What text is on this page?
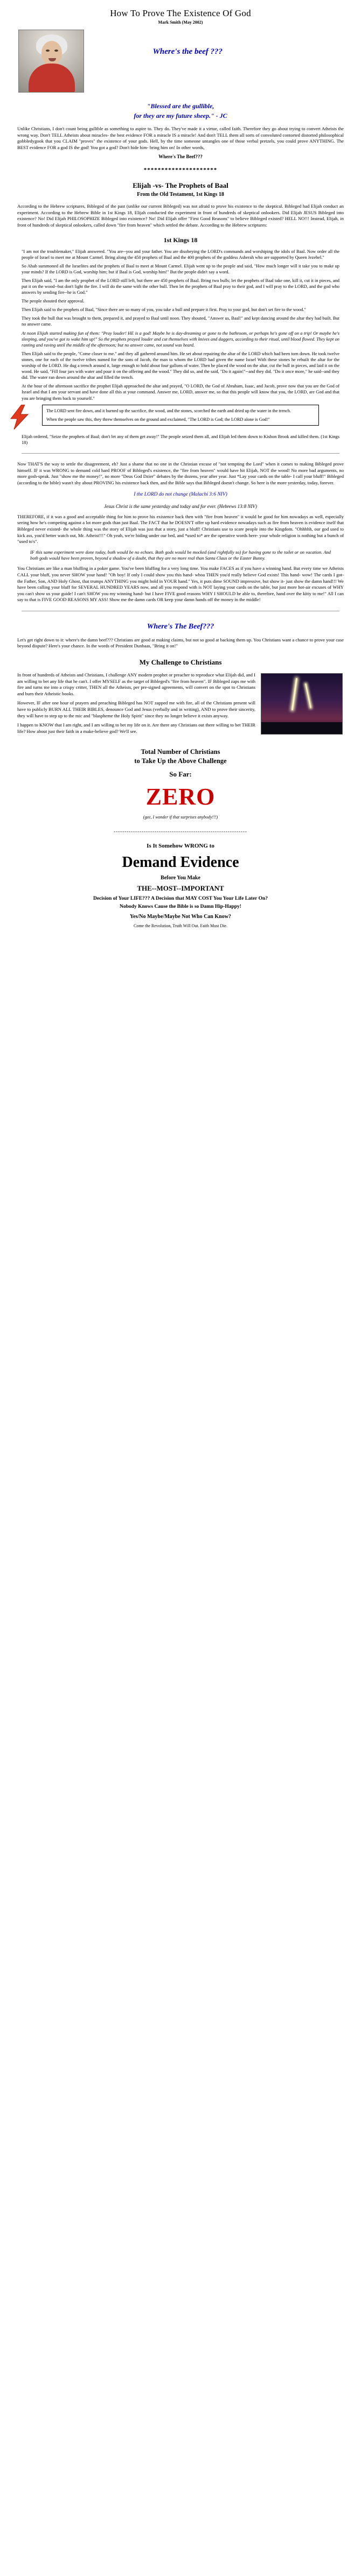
How To Prove The Existence Of God
Mark Smith (May 2002)

Where's the beef ???
"Blessed are the gullible,
for they are my future sheep." - JC
Unlike Christians, I don't count being gullible as something to aspire to. They do. They've made it a virtue, called faith. Therefore they go about trying to convert Atheists the wrong way. Don't TELL Atheists about miracles- the best evidence FOR a miracle IS a miracle! And don't TELL them all sorts of convoluted contorted distorted philosophical gobbledygook that you CLAIM "proves" the existence of your gods. Hell, by the time someone untangles one of those verbal pretzels, you could prove ANYTHING. The BEST evidence FOR a god IS the god! You got a god? Don't hide him- bring him on! In other words,
Where's The Beef???
*********************
Elijah -vs- The Prophets of Baal
From the Old Testament, 1st Kings 18
According to the Hebrew scriptures, Biblegod of the past (unlike our current Bibleged) was not afraid to prove his existence to the skeptical. Bibleged had Elijah conduct an experiment. According to the Hebrew Bible in 1st Kings 18, Elijah conducted the experiment in front of hundreds of skeptical onlookers. Did Elijah JESUS Bibleged into existence? No! Did Elijah PHILOSOPHIZE Bibleged into existence? No! Did Elijah offer "First Good Reasons" to believe Bibleged existed? HELL NO!!! Instead, Elijah, in front of hundreds of skeptical onlookers, called down "fire from heaven" which settled the debate. According to the Hebrew scriptures:
1st Kings 18
"I am not the troublemaker," Elijah answered. "You are--you and your father. You are disobeying the LORD's commands and worshiping the idols of Baal. Now order all the people of Israel to meet me at Mount Carmel. Bring along the 450 prophets of Baal and the 400 prophets of the goddess Asherah who are supported by Queen Jezebel."
So Ahab summoned all the Israelites and the prophets of Baal to meet at Mount Carmel. Elijah went up to the people and said, "How much longer will it take you to make up your minds? If the LORD is God, worship him; but if Baal is God, worship him!" But the people didn't say a word.
Then Elijah said, "I am the only prophet of the LORD still left, but there are 450 prophets of Baal. Bring two bulls; let the prophets of Baal take one, kill it, cut it in pieces, and put it on the wood--but don't light the fire. I will do the same with the other bull. Then let the prophets of Baal pray to their god, and I will pray to the LORD, and the god who answers by sending fire--he is God."
The people shouted their approval.
Then Elijah said to the prophets of Baal, "Since there are so many of you, you take a bull and prepare it first. Pray to your god, but don't set fire to the wood."
They took the bull that was brought to them, prepared it, and prayed to Baal until noon. They shouted, "Answer us, Baal!" and kept dancing around the altar they had built. But no answer came.
At noon Elijah started making fun of them: "Pray louder! HE is a god! Maybe he is day-dreaming or gone to the bathroom, or perhaps he's gone off on a trip! Or maybe he's sleeping, and you've got to wake him up!" So the prophets prayed louder and cut themselves with knives and daggers, according to their ritual, until blood flowed. They kept on ranting and raving until the middle of the afternoon; but no answer came, not sound was heard.
Then Elijah said to the people, "Come closer to me." and they all gathered around him. He set about repairing the altar of the LORD which had been torn down. He took twelve stones, one for each of the twelve tribes named for the sons of Jacob, the man to whom the LORD had given the name Israel With these stones he rebuilt the altar for the worship of the LORD. He dug a trench around it, large enough to hold about four gallons of water. Then he placed the wood on the altar, cut the bull in pieces, and laid it on the wood. He said, "Fill four jars with water and pour it on the offering and the wood." They did so, and the said, "Do it again!"--and they did. "Do it once more," he said--and they did. The water ran down around the altar and filled the trench.
At the hour of the afternoon sacrifice the prophet Elijah approached the altar and prayed, "O LORD, the God of Abraham, Isaac, and Jacob, prove now that you are the God of Israel and that I am your servant and have done all this at your command. Answer me, LORD, answer me, so that this people will know that you, the LORD, are God and that you are bringing them back to yourself."
The LORD sent fire down, and it burned up the sacrifice, the wood, and the stones, scorched the earth and dried up the water in the trench.
When the people saw this, they threw themselves on the ground and exclaimed, "The LORD is God; the LORD alone is God!"
Elijah ordered, "Seize the prophets of Baal; don't let any of them get away!" The people seized them all, and Elijah led them down to Kishon Brook and killed them. (1st Kings 18)
Now THAT'S the way to settle the disagreement, eh? Just a shame that no one in the Christian excuse of "not tempting the Lord" when it comes to making Bibleged prove himself. IF it was WRONG to demand cold hard PROOF of Bibleged's existence, the "fire from heaven" would have hit Elijah, NOT the wood! No more bad arguments, no more gosh-speak. Just "show me the money!", no more "Deus God Dzier" debates by the dozens, year after year. Just *Lay your cards on the table- I call your bluff!" Bibleged (according to the bible) wasn't shy about PROVING his existence back then, and the Bible says that Bibleged doesn't change. So here is the more yesterday, today, forever.
I the LORD do not change (Malachi 3:6 NIV)
Jesus Christ is the same yesterday and today and for ever. (Hebrews 13:8 NIV)
THEREFORE, if it was a good and acceptable thing for him to prove his existence back then with "fire from heaven" it would be good for him nowadays as well, especially seeing how he's competing against a lot more gods than just Baal. The FACT that he DOESN'T offer up hard evidence nowadays such as fire from heaven is evidence itself that Bibleged never existed- the whole thing was the story of Elijah was just that a story, just a bluff! Christians use to scare people into the Kingdom. "Ohhhhh, our god used to kick ass, you'd better watch out, Mr. Atheist!!!" Oh yeah, we're hiding under our bed, and *used to* are the operative words here- your whole religion is nothing but a bunch of "used to's".
IF this same experiment were done today, both would be no echoes. Both gods would be mocked (and rightfully so) for having gone to the toilet or on vacation. And both gods would have been proven, beyond a shadow of a doubt, that they are no more real than Santa Claus or the Easter Bunny.
You Christians are like a man bluffing in a poker game. You've been bluffing for a very long time. You make FACES as if you have a winning hand. But every time we Atheists CALL your bluff, you never SHOW your hand! "Oh boy! If only I could show you this hand- whoa THEN you'd really believe God exists! This hand- wow! The cards I got- the Father, Son, AND Holy Ghost, that trumps ANYTHING you might hold in YOUR hand." Yes, it puts dime SOUND impressive, but show it- just show the damn hand!!! We have been calling your bluff for SEVERAL HUNDRED YEARS now, and all you respond with is NOT laying your cards on the table, but just more hot-air excuses of WHY you can't show us your guide! I can't SHOW you my winning hand- but I have FIVE good reasons WHY I SHOULD be able to, therefore, hand over the kitty to me!" All I can say to that is FIVE GOOD REASONS MY ASS! Show me the damn cards OR keep your damn hands off the money in the middle!
Where's The Beef???
Let's get right down to it: where's the damn beef??? Christians are good at making claims, but not so good at backing them up. You Christians want a chance to prove your case beyond dispute? Here's your chance. In the words of President Dunbaas, "Bring it on!"
My Challenge to Christians
In front of hundreds of Atheists and Christians, I challenge ANY modern prophet or preacher to reproduce what Elijah did, and I am willing to bet any life that he can't. I offer MYSELF as the target of Bibleged's "fire from heaven". IF Bibleged zaps me with fire and turns me into a crispy critter, THEN all the Atheists, per pre-signed agreements, will convert on the spot to Christians and burn their Atheistic books.
However, IF after one hour of prayers and preaching Bibleged has NOT zapped me with fire, all of the Christians present will have to publicly BURN ALL THEIR BIBLES, denounce God and Jesus (verbally and in writing), AND to prove their sincerity, they will have to step up to the mic and "blaspheme the Holy Spirit" since they no longer believe it exists anyway.
I happen to KNOW that I am right, and I am willing to bet my life on it. Are there any Christians out there willing to bet THEIR life? How about just their faith in a make-believe god? We'll see.
Total Number of Christians
to Take Up the Above Challenge
So Far:
ZERO
(gee, I wonder if that surprises anybody!!!)
--------------------------------------------------------------
Is It Somehow WRONG to
Demand Evidence
Before You Make
THE--MOST--IMPORTANT
Decision of Your LIFE??? A Decision that MAY COST You Your Life Later On?
Nobody Knows Cause the Bible is so Damn Hip-Happy!
Yes/No Maybe/Maybe Not Who Can Know?
Come the Revolution, Truth Will Out. Faith Must Die.
